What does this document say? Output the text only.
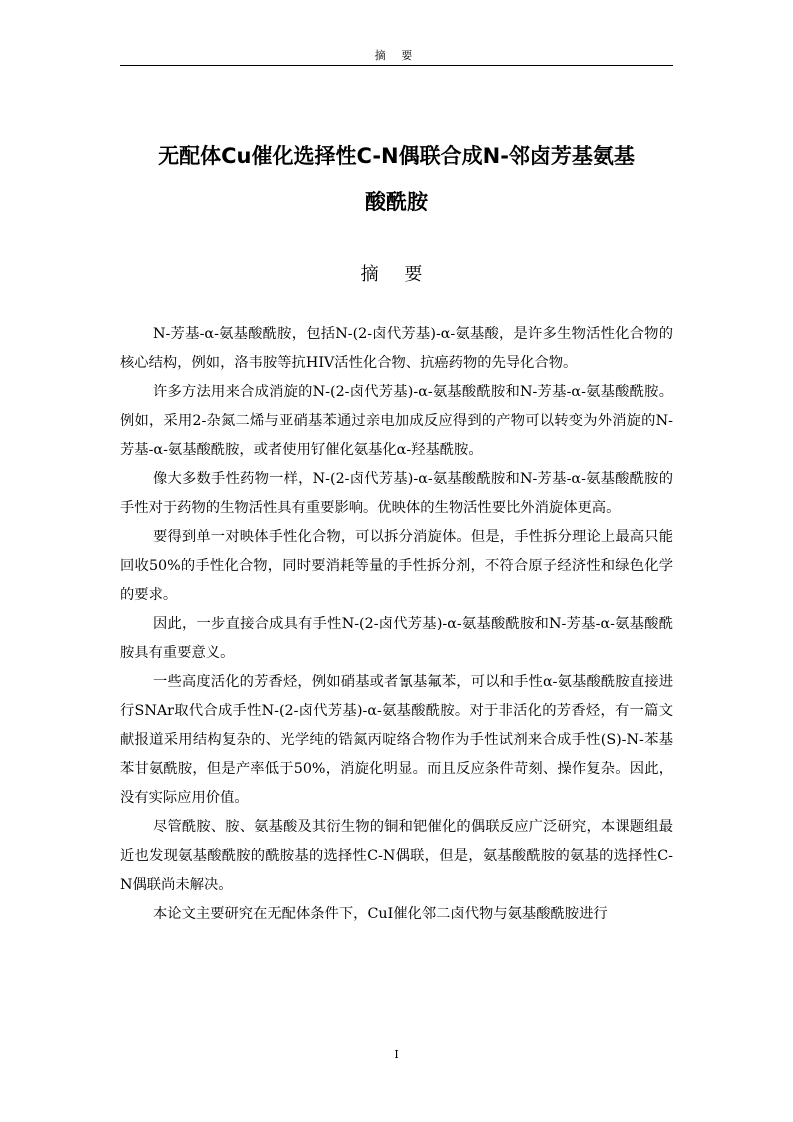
摘 要
无配体Cu催化选择性C-N偶联合成N-邻卤芳基氨基
酸酰胺
摘 要

N-芳基-α-氨基酸酰胺，包括N-(2-卤代芳基)-α-氨基酸，是许多生物活性化合物的核心结构，例如，洛韦胺等抗HIV活性化合物、抗癌药物的先导化合物。

许多方法用来合成消旋的N-(2-卤代芳基)-α-氨基酸酰胺和N-芳基-α-氨基酸酰胺。例如，采用2-杂氮二烯与亚硝基苯通过亲电加成反应得到的产物可以转变为外消旋的N-芳基-α-氨基酸酰胺，或者使用钌催化氨基化α-羟基酰胺。

像大多数手性药物一样，N-(2-卤代芳基)-α-氨基酸酰胺和N-芳基-α-氨基酸酰胺的手性对于药物的生物活性具有重要影响。优映体的生物活性要比外消旋体更高。

要得到单一对映体手性化合物，可以拆分消旋体。但是，手性拆分理论上最高只能回收50%的手性化合物，同时要消耗等量的手性拆分剂，不符合原子经济性和绿色化学的要求。

因此，一步直接合成具有手性N-(2-卤代芳基)-α-氨基酸酰胺和N-芳基-α-氨基酸酰胺具有重要意义。

一些高度活化的芳香烃，例如硝基或者氰基氟苯，可以和手性α-氨基酸酰胺直接进行SNAr取代合成手性N-(2-卤代芳基)-α-氨基酸酰胺。对于非活化的芳香烃，有一篇文献报道采用结构复杂的、光学纯的锆氮丙啶络合物作为手性试剂来合成手性(S)-N-苯基苯甘氨酰胺，但是产率低于50%，消旋化明显。而且反应条件苛刻、操作复杂。因此，没有实际应用价值。

尽管酰胺、胺、氨基酸及其衍生物的铜和钯催化的偶联反应广泛研究，本课题组最近也发现氨基酸酰胺的酰胺基的选择性C-N偶联，但是，氨基酸酰胺的氨基的选择性C-N偶联尚未解决。

本论文主要研究在无配体条件下，CuI催化邻二卤代物与氨基酸酰胺进行

I
